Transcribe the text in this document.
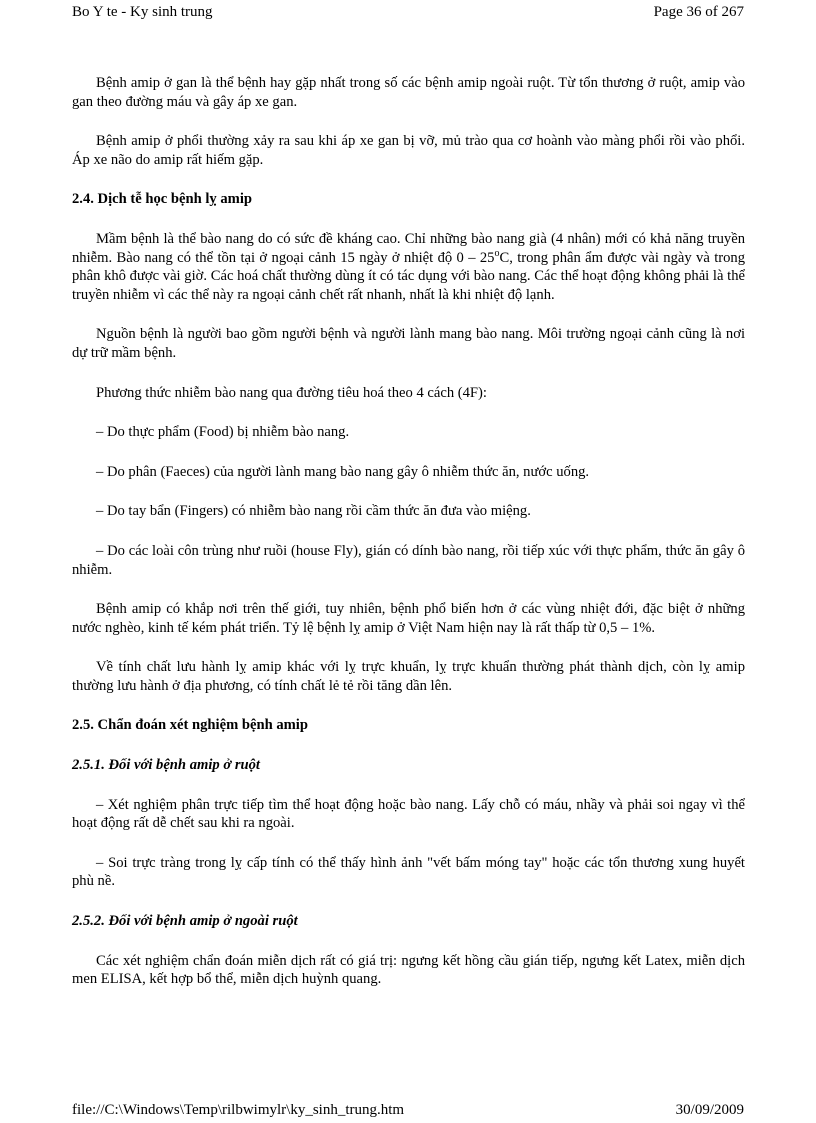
Bo Y te - Ky sinh trung	Page 36 of 267

Bệnh amip ở gan là thể bệnh hay gặp nhất trong số các bệnh amip ngoài ruột. Từ tổn thương ở ruột, amip vào gan theo đường máu và gây áp xe gan.

Bệnh amip ở phổi thường xảy ra sau khi áp xe gan bị vỡ, mủ trào qua cơ hoành vào màng phổi rồi vào phổi. Áp xe não do amip rất hiếm gặp.

2.4. Dịch tễ học bệnh lỵ amip

Mầm bệnh là thể bào nang do có sức đề kháng cao. Chỉ những bào nang già (4 nhân) mới có khả năng truyền nhiễm. Bào nang có thể tồn tại ở ngoại cảnh 15 ngày ở nhiệt độ 0 – 25$^o$C, trong phân ẩm được vài ngày và trong phân khô được vài giờ. Các hoá chất thường dùng ít có tác dụng với bào nang. Các thể hoạt động không phải là thể truyền nhiễm vì các thể này ra ngoại cảnh chết rất nhanh, nhất là khi nhiệt độ lạnh.

Nguồn bệnh là người bao gồm người bệnh và người lành mang bào nang. Môi trường ngoại cảnh cũng là nơi dự trữ mầm bệnh.

Phương thức nhiễm bào nang qua đường tiêu hoá theo 4 cách (4F):

– Do thực phẩm (Food) bị nhiễm bào nang.

– Do phân (Faeces) của người lành mang bào nang gây ô nhiễm thức ăn, nước uống.

– Do tay bẩn (Fingers) có nhiễm bào nang rồi cầm thức ăn đưa vào miệng.

– Do các loài côn trùng như ruồi (house Fly), gián có dính bào nang, rồi tiếp xúc với thực phẩm, thức ăn gây ô nhiễm.

Bệnh amip có khắp nơi trên thế giới, tuy nhiên, bệnh phổ biến hơn ở các vùng nhiệt đới, đặc biệt ở những nước nghèo, kinh tế kém phát triển. Tỷ lệ bệnh lỵ amip ở Việt Nam hiện nay là rất thấp từ 0,5 – 1%.

Về tính chất lưu hành lỵ amip khác với lỵ trực khuẩn, lỵ trực khuẩn thường phát thành dịch, còn lỵ amip thường lưu hành ở địa phương, có tính chất lẻ tẻ rồi tăng dần lên.

2.5. Chẩn đoán xét nghiệm bệnh amip
2.5.1. Đối với bệnh amip ở ruột

– Xét nghiệm phân trực tiếp tìm thể hoạt động hoặc bào nang. Lấy chỗ có máu, nhầy và phải soi ngay vì thể hoạt động rất dễ chết sau khi ra ngoài.

– Soi trực tràng trong lỵ cấp tính có thể thấy hình ảnh "vết bấm móng tay" hoặc các tổn thương xung huyết phù nề.

2.5.2. Đối với bệnh amip ở ngoài ruột

Các xét nghiệm chẩn đoán miễn dịch rất có giá trị: ngưng kết hồng cầu gián tiếp, ngưng kết Latex, miễn dịch men ELISA, kết hợp bổ thể, miễn dịch huỳnh quang.

file://C:\Windows\Temp\rilbwimylr\ky_sinh_trung.htm	30/09/2009
